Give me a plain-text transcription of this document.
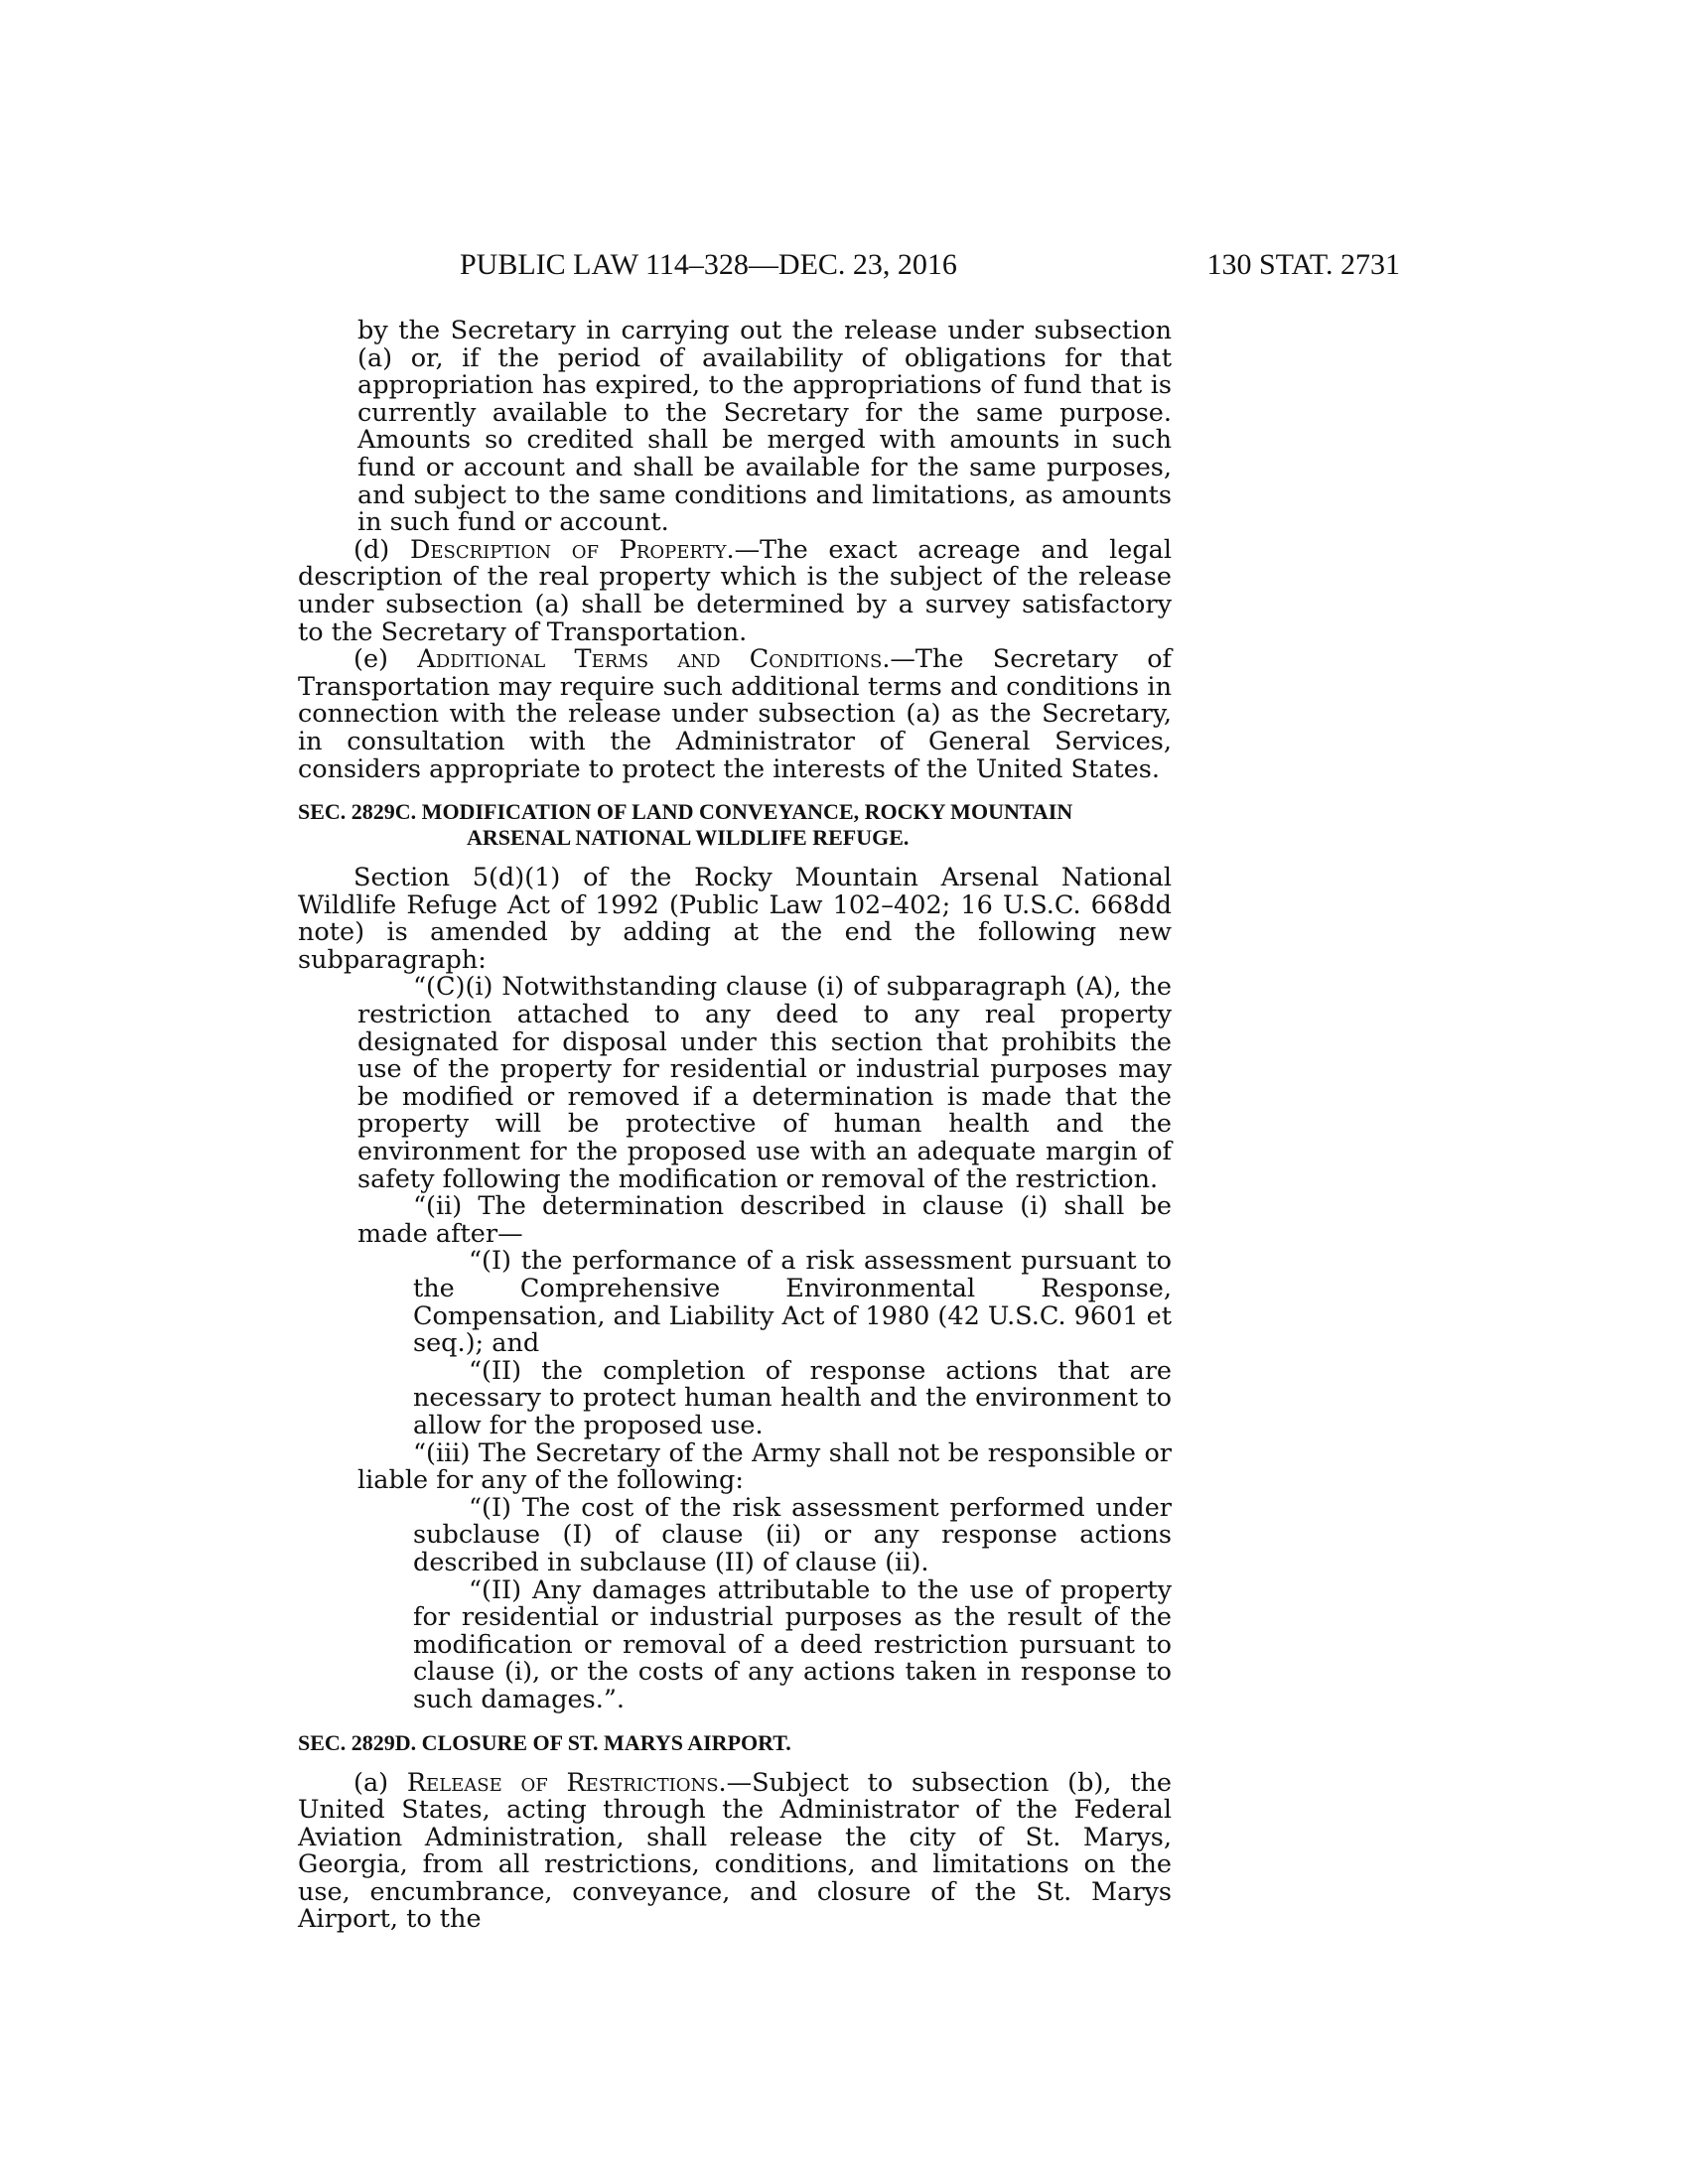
PUBLIC LAW 114–328—DEC. 23, 2016	130 STAT. 2731

by the Secretary in carrying out the release under subsection (a) or, if the period of availability of obligations for that appropriation has expired, to the appropriations of fund that is currently available to the Secretary for the same purpose. Amounts so credited shall be merged with amounts in such fund or account and shall be available for the same purposes, and subject to the same conditions and limitations, as amounts in such fund or account.

(d) Description of Property.—The exact acreage and legal description of the real property which is the subject of the release under subsection (a) shall be determined by a survey satisfactory to the Secretary of Transportation.

(e) Additional Terms and Conditions.—The Secretary of Transportation may require such additional terms and conditions in connection with the release under subsection (a) as the Secretary, in consultation with the Administrator of General Services, considers appropriate to protect the interests of the United States.

SEC. 2829C. MODIFICATION OF LAND CONVEYANCE, ROCKY MOUNTAIN
ARSENAL NATIONAL WILDLIFE REFUGE.

Section 5(d)(1) of the Rocky Mountain Arsenal National Wildlife Refuge Act of 1992 (Public Law 102–402; 16 U.S.C. 668dd note) is amended by adding at the end the following new subparagraph:

“(C)(i) Notwithstanding clause (i) of subparagraph (A), the restriction attached to any deed to any real property designated for disposal under this section that prohibits the use of the property for residential or industrial purposes may be modified or removed if a determination is made that the property will be protective of human health and the environment for the proposed use with an adequate margin of safety following the modification or removal of the restriction.

“(ii) The determination described in clause (i) shall be made after—

“(I) the performance of a risk assessment pursuant to the Comprehensive Environmental Response, Compensation, and Liability Act of 1980 (42 U.S.C. 9601 et seq.); and

“(II) the completion of response actions that are necessary to protect human health and the environment to allow for the proposed use.

“(iii) The Secretary of the Army shall not be responsible or liable for any of the following:

“(I) The cost of the risk assessment performed under subclause (I) of clause (ii) or any response actions described in subclause (II) of clause (ii).

“(II) Any damages attributable to the use of property for residential or industrial purposes as the result of the modification or removal of a deed restriction pursuant to clause (i), or the costs of any actions taken in response to such damages.”.

SEC. 2829D. CLOSURE OF ST. MARYS AIRPORT.

(a) Release of Restrictions.—Subject to subsection (b), the United States, acting through the Administrator of the Federal Aviation Administration, shall release the city of St. Marys, Georgia, from all restrictions, conditions, and limitations on the use, encumbrance, conveyance, and closure of the St. Marys Airport, to the
